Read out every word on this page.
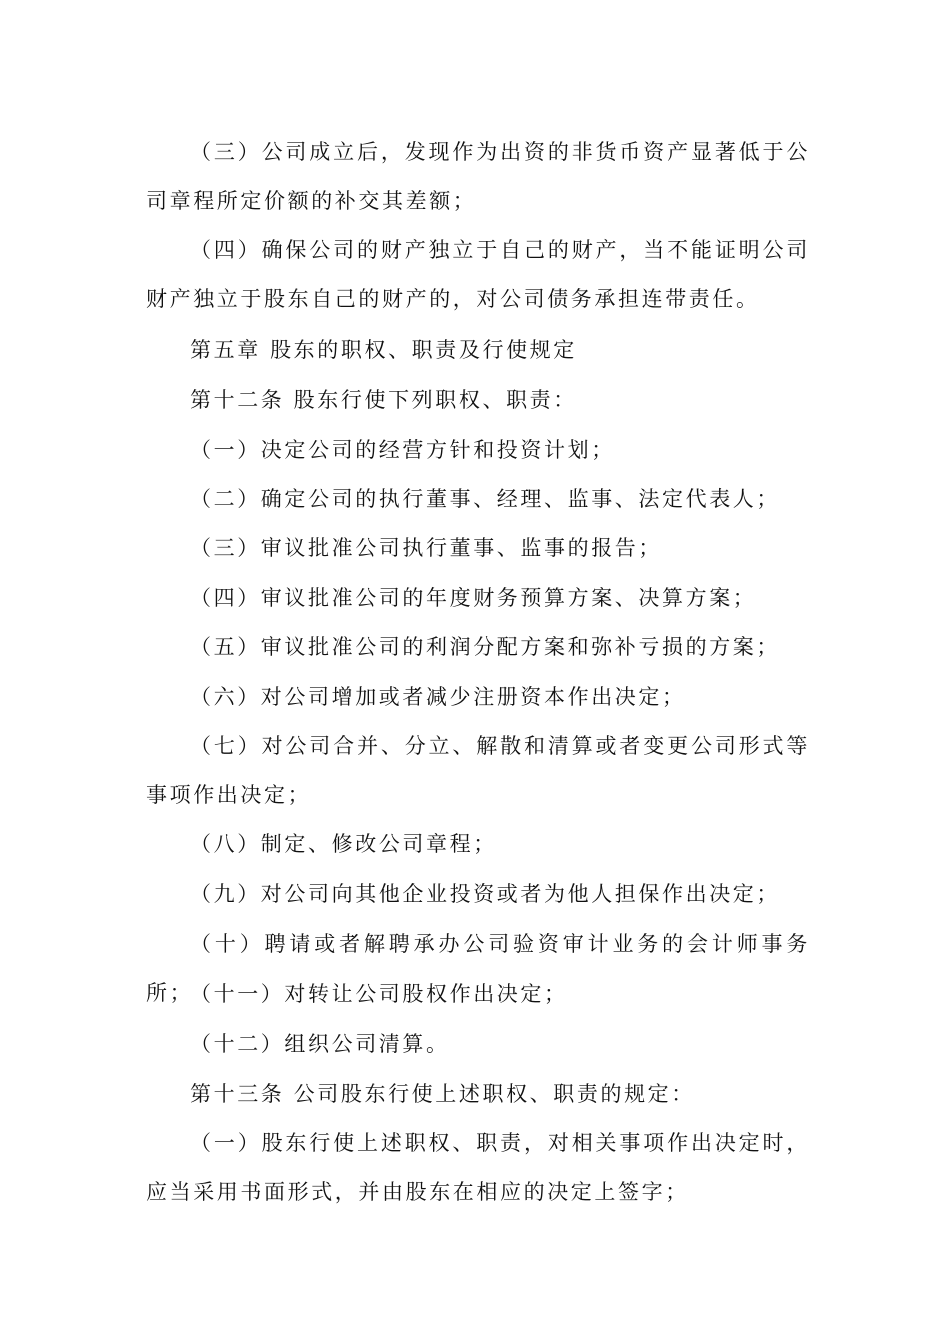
（三）公司成立后，发现作为出资的非货币资产显著低于公司章程所定价额的补交其差额；

（四）确保公司的财产独立于自己的财产，当不能证明公司财产独立于股东自己的财产的，对公司债务承担连带责任。

第五章 股东的职权、职责及行使规定

第十二条 股东行使下列职权、职责：

（一）决定公司的经营方针和投资计划；

（二）确定公司的执行董事、经理、监事、法定代表人；

（三）审议批准公司执行董事、监事的报告；

（四）审议批准公司的年度财务预算方案、决算方案；

（五）审议批准公司的利润分配方案和弥补亏损的方案；

（六）对公司增加或者减少注册资本作出决定；

（七）对公司合并、分立、解散和清算或者变更公司形式等事项作出决定；

（八）制定、修改公司章程；

（九）对公司向其他企业投资或者为他人担保作出决定；

（十）聘请或者解聘承办公司验资审计业务的会计师事务所；

（十一）对转让公司股权作出决定；

（十二）组织公司清算。

第十三条 公司股东行使上述职权、职责的规定：

（一）股东行使上述职权、职责，对相关事项作出决定时，应当采用书面形式，并由股东在相应的决定上签字；
